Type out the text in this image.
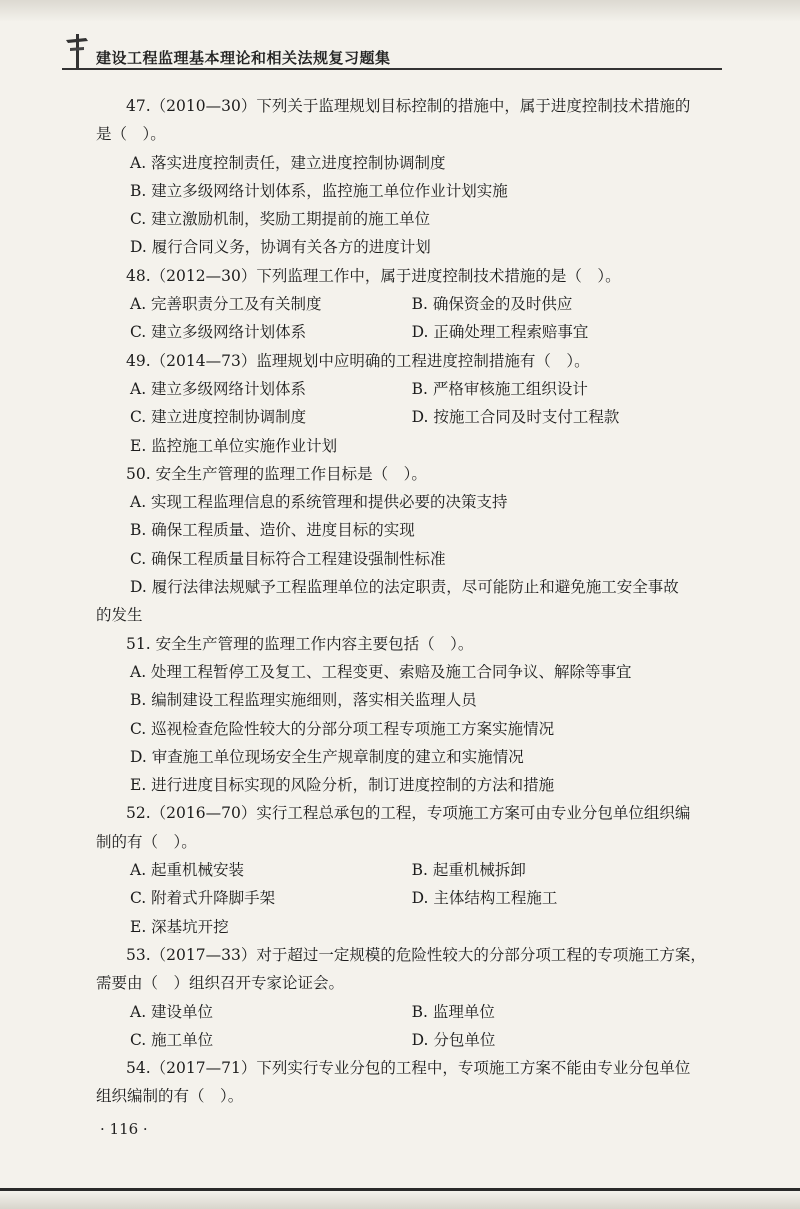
建设工程监理基本理论和相关法规复习题集
47.（2010—30）下列关于监理规划目标控制的措施中，属于进度控制技术措施的
是（　）。
A. 落实进度控制责任，建立进度控制协调制度
B. 建立多级网络计划体系，监控施工单位作业计划实施
C. 建立激励机制，奖励工期提前的施工单位
D. 履行合同义务，协调有关各方的进度计划
48.（2012—30）下列监理工作中，属于进度控制技术措施的是（　）。
A. 完善职责分工及有关制度	B. 确保资金的及时供应
C. 建立多级网络计划体系	D. 正确处理工程索赔事宜
49.（2014—73）监理规划中应明确的工程进度控制措施有（　）。
A. 建立多级网络计划体系	B. 严格审核施工组织设计
C. 建立进度控制协调制度	D. 按施工合同及时支付工程款
E. 监控施工单位实施作业计划
50. 安全生产管理的监理工作目标是（　）。
A. 实现工程监理信息的系统管理和提供必要的决策支持
B. 确保工程质量、造价、进度目标的实现
C. 确保工程质量目标符合工程建设强制性标准
D. 履行法律法规赋予工程监理单位的法定职责，尽可能防止和避免施工安全事故
的发生
51. 安全生产管理的监理工作内容主要包括（　）。
A. 处理工程暂停工及复工、工程变更、索赔及施工合同争议、解除等事宜
B. 编制建设工程监理实施细则，落实相关监理人员
C. 巡视检查危险性较大的分部分项工程专项施工方案实施情况
D. 审查施工单位现场安全生产规章制度的建立和实施情况
E. 进行进度目标实现的风险分析，制订进度控制的方法和措施
52.（2016—70）实行工程总承包的工程，专项施工方案可由专业分包单位组织编
制的有（　）。
A. 起重机械安装	B. 起重机械拆卸
C. 附着式升降脚手架	D. 主体结构工程施工
E. 深基坑开挖
53.（2017—33）对于超过一定规模的危险性较大的分部分项工程的专项施工方案，
需要由（　）组织召开专家论证会。
A. 建设单位	B. 监理单位
C. 施工单位	D. 分包单位
54.（2017—71）下列实行专业分包的工程中，专项施工方案不能由专业分包单位
组织编制的有（　）。
· 116 ·
